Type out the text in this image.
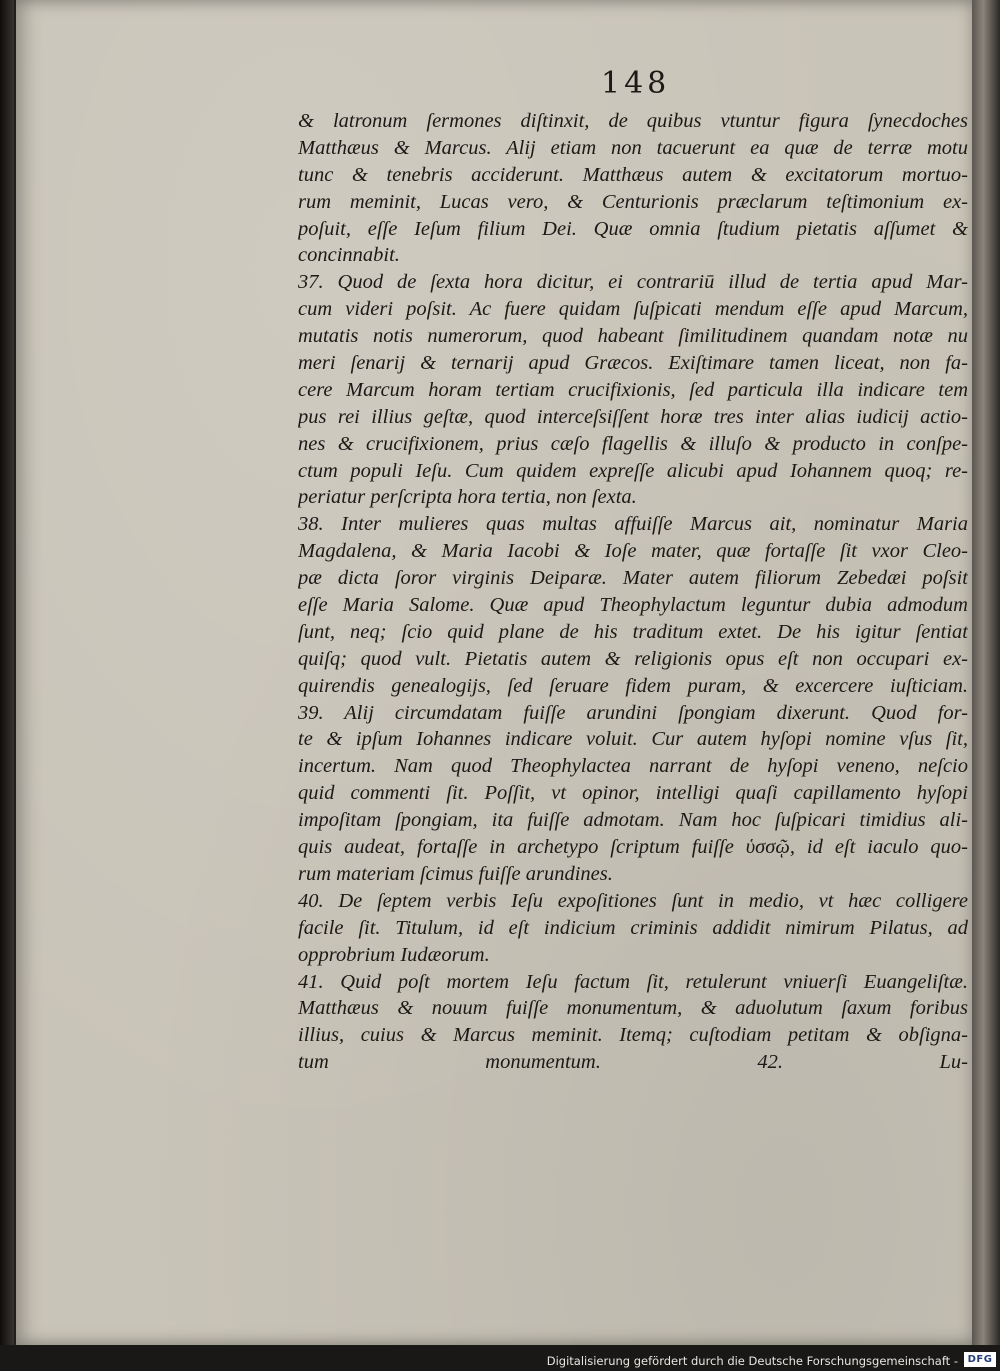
148
& latronum ſermones diſtinxit, de quibus vtuntur figura ſynecdoches
Matthæus & Marcus. Alij etiam non tacuerunt ea quæ de terræ motu
tunc & tenebris acciderunt. Matthæus autem & excitatorum mortuo-
rum meminit, Lucas vero, & Centurionis præclarum teſtimonium ex-
poſuit, eſſe Ieſum filium Dei. Quæ omnia ſtudium pietatis aſſumet &
concinnabit.
37. Quod de ſexta hora dicitur, ei contrariū illud de tertia apud Mar-
cum videri poſsit. Ac fuere quidam ſuſpicati mendum eſſe apud Marcum,
mutatis notis numerorum, quod habeant ſimilitudinem quandam notæ nu
meri ſenarij & ternarij apud Græcos. Exiſtimare tamen liceat, non fa-
cere Marcum horam tertiam crucifixionis, ſed particula illa indicare tem
pus rei illius geſtæ, quod interceſsiſſent horæ tres inter alias iudicij actio-
nes & crucifixionem, prius cæſo flagellis & illuſo & producto in conſpe-
ctum populi Ieſu. Cum quidem expreſſe alicubi apud Iohannem quoq; re-
periatur perſcripta hora tertia, non ſexta.
38. Inter mulieres quas multas affuiſſe Marcus ait, nominatur Maria
Magdalena, & Maria Iacobi & Ioſe mater, quæ fortaſſe ſit vxor Cleo-
pæ dicta ſoror virginis Deiparæ. Mater autem filiorum Zebedæi poſsit
eſſe Maria Salome. Quæ apud Theophylactum leguntur dubia admodum
ſunt, neq; ſcio quid plane de his traditum extet. De his igitur ſentiat
quiſq; quod vult. Pietatis autem & religionis opus eſt non occupari ex-
quirendis genealogijs, ſed ſeruare fidem puram, & excercere iuſticiam.
39. Alij circumdatam fuiſſe arundini ſpongiam dixerunt. Quod for-
te & ipſum Iohannes indicare voluit. Cur autem hyſopi nomine vſus ſit,
incertum. Nam quod Theophylactea narrant de hyſopi veneno, neſcio
quid commenti ſit. Poſſit, vt opinor, intelligi quaſi capillamento hyſopi
impoſitam ſpongiam, ita fuiſſe admotam. Nam hoc ſuſpicari timidius ali-
quis audeat, fortaſſe in archetypo ſcriptum fuiſſe ὑσσῷ, id eſt iaculo quo-
rum materiam ſcimus fuiſſe arundines.
40. De ſeptem verbis Ieſu expoſitiones ſunt in medio, vt hæc colligere
facile ſit. Titulum, id eſt indicium criminis addidit nimirum Pilatus, ad
opprobrium Iudæorum.
41. Quid poſt mortem Ieſu factum ſit, retulerunt vniuerſi Euangeliſtæ.
Matthæus & nouum fuiſſe monumentum, & aduolutum ſaxum foribus
illius, cuius & Marcus meminit. Itemq; cuſtodiam petitam & obſigna-
tum monumentum. 42. Lu-
Digitalisierung gefördert durch die Deutsche Forschungsgemeinschaft - DFG
